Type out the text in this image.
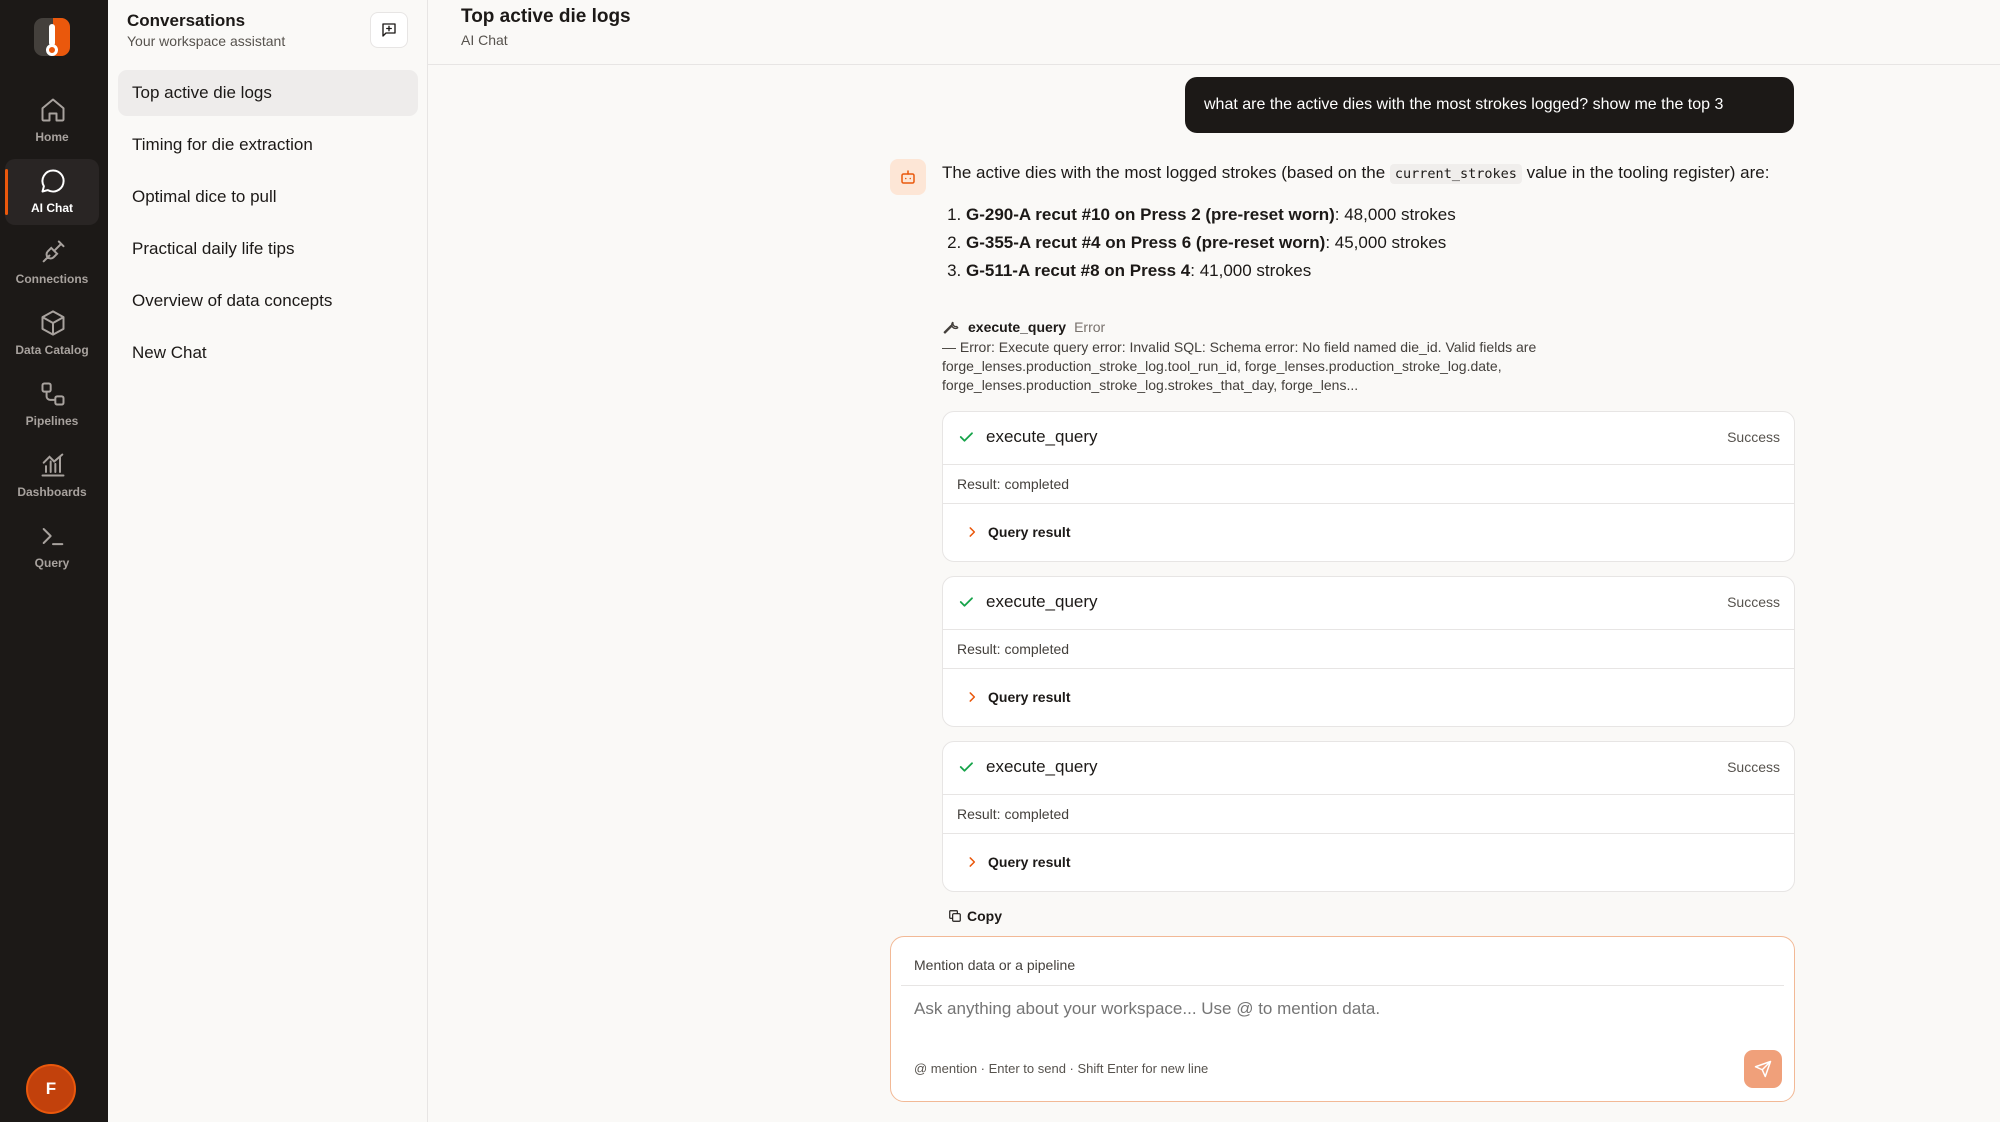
Home
AI Chat
Connections
Data Catalog
Pipelines
Dashboards
Query
F
Conversations
Your workspace assistant
Top active die logs
Timing for die extraction
Optimal dice to pull
Practical daily life tips
Overview of data concepts
New Chat
Top active die logs
AI Chat
what are the active dies with the most strokes logged? show me the top 3
The active dies with the most logged strokes (based on the current_strokes value in the tooling register) are:
1. G-290-A recut #10 on Press 2 (pre-reset worn): 48,000 strokes
2. G-355-A recut #4 on Press 6 (pre-reset worn): 45,000 strokes
3. G-511-A recut #8 on Press 4: 41,000 strokes
execute_query Error
— Error: Execute query error: Invalid SQL: Schema error: No field named die_id. Valid fields are forge_lenses.production_stroke_log.tool_run_id, forge_lenses.production_stroke_log.date, forge_lenses.production_stroke_log.strokes_that_day, forge_lens...
execute_query	Success
Result: completed
Query result
execute_query	Success
Result: completed
Query result
execute_query	Success
Result: completed
Query result
Copy
Mention data or a pipeline
Ask anything about your workspace... Use @ to mention data.
@ mention · Enter to send · Shift Enter for new line
